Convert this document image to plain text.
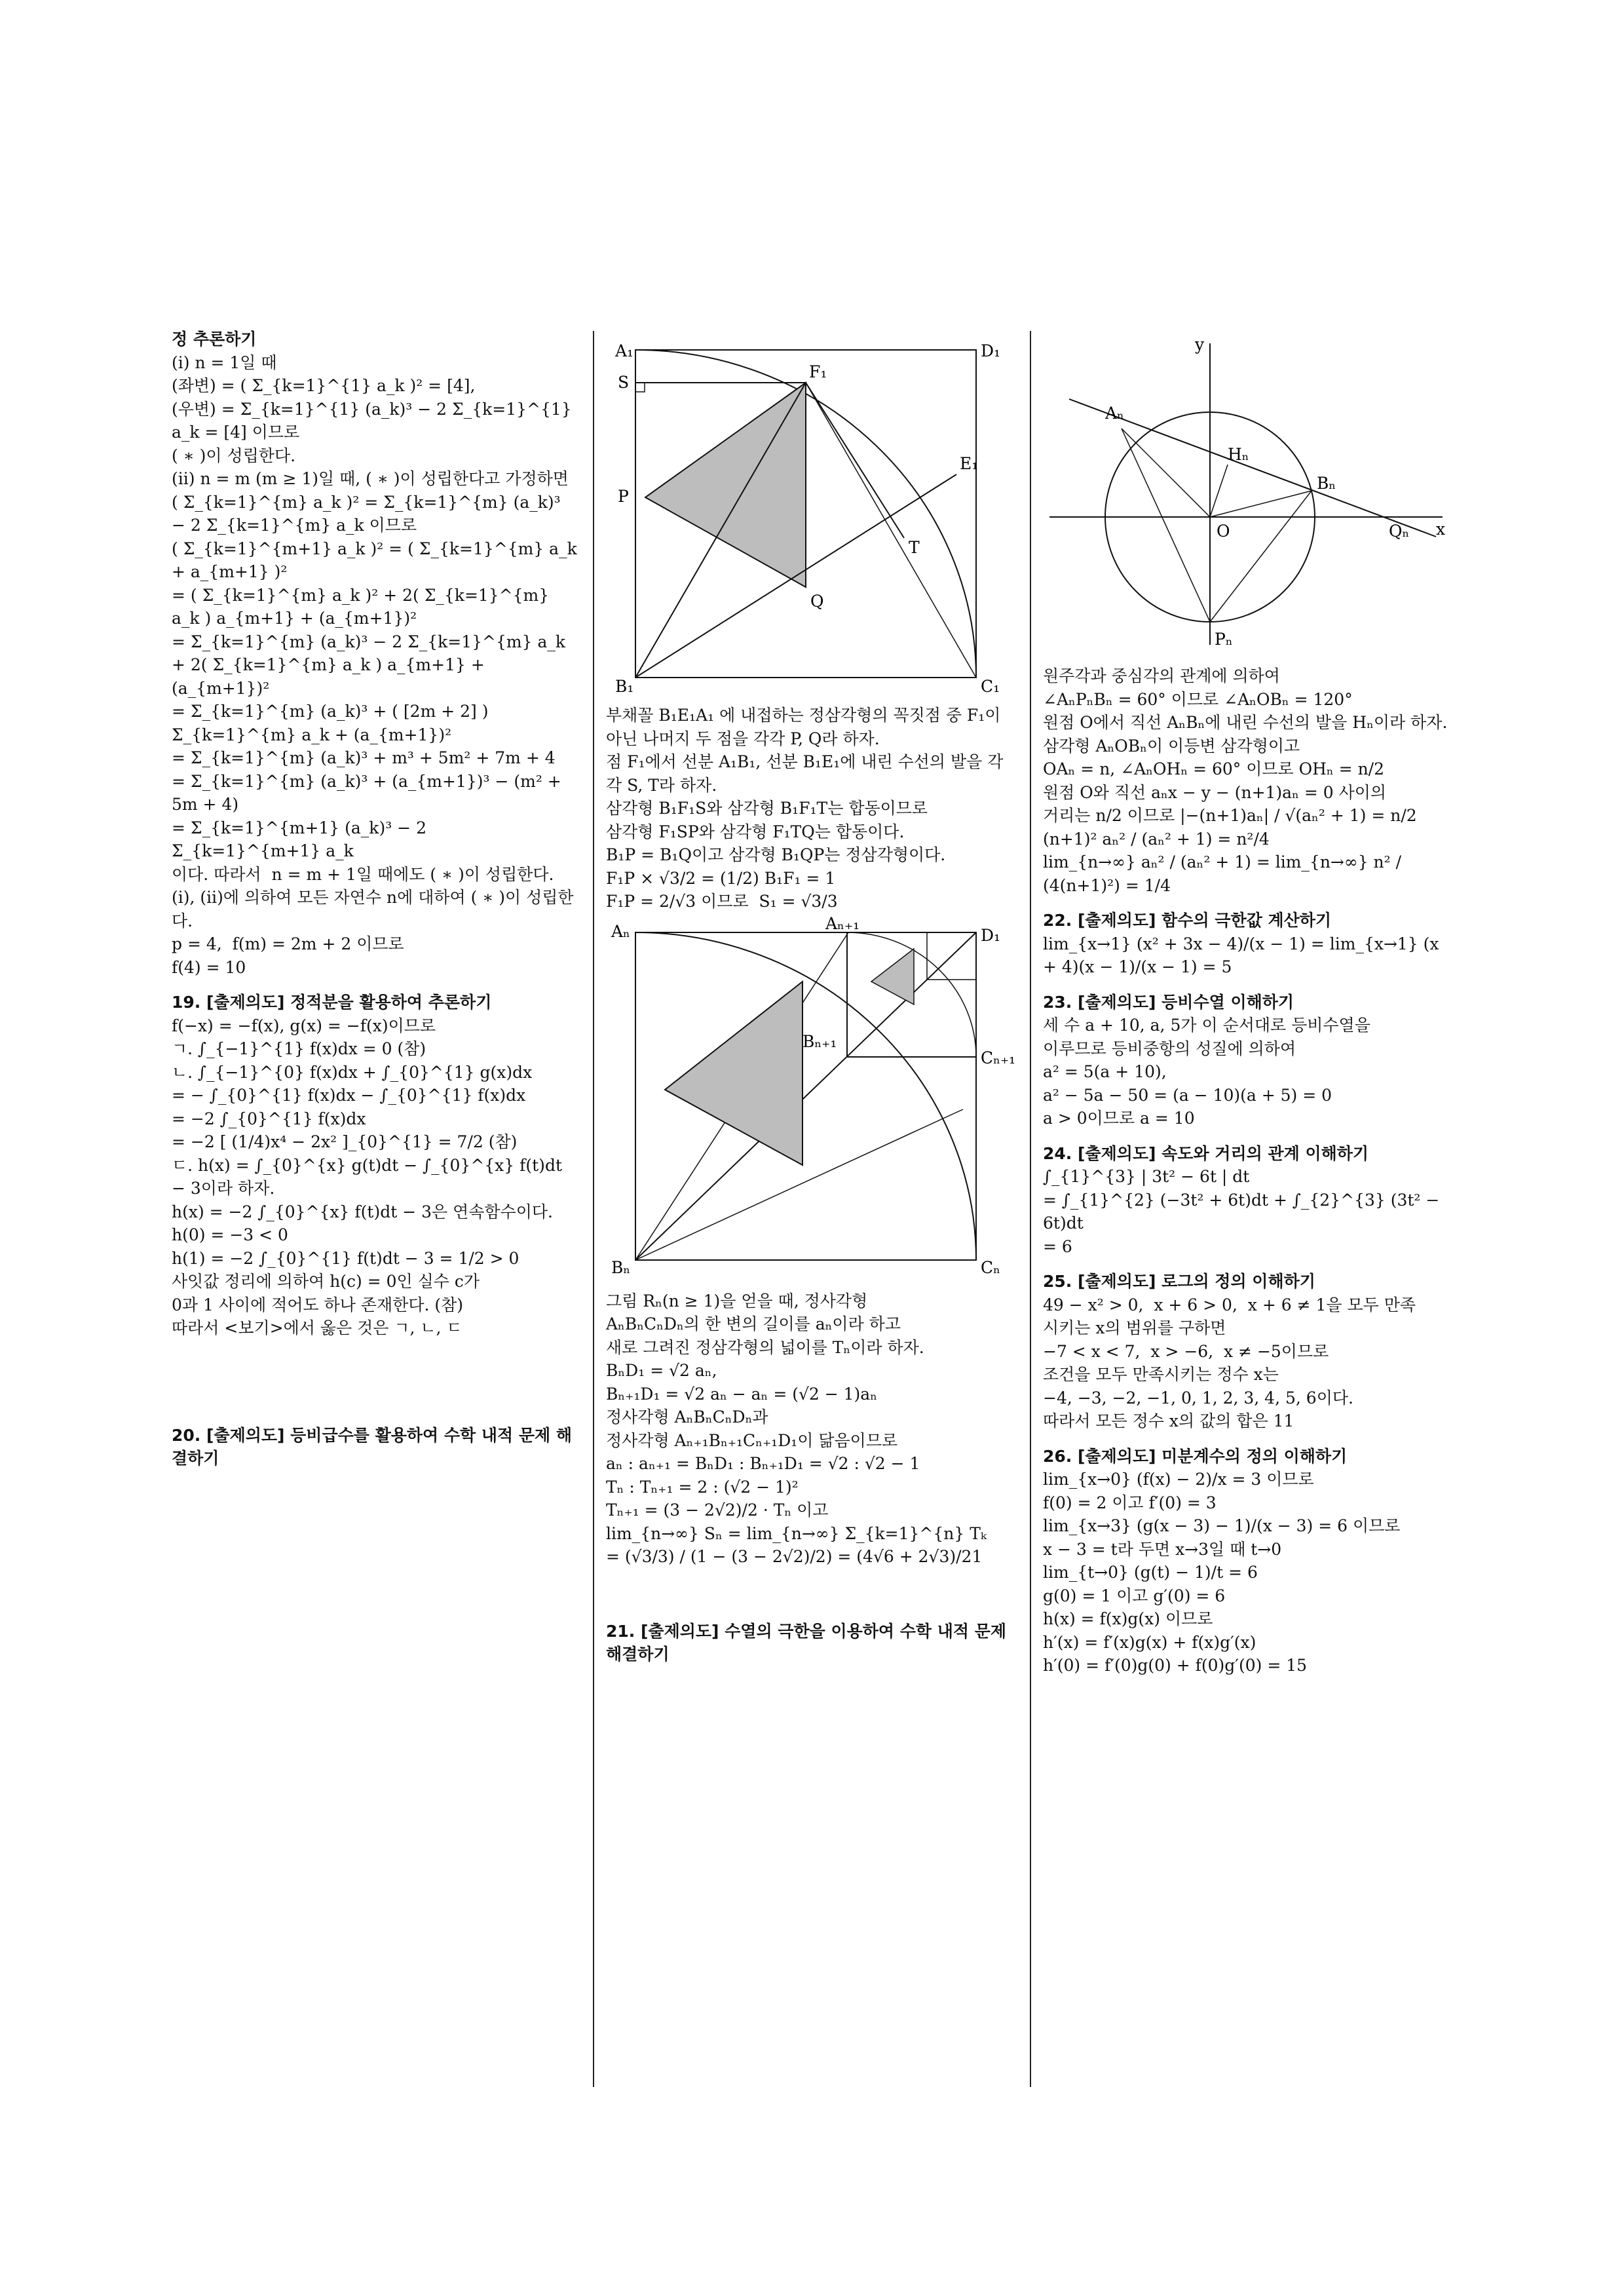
정 추론하기
(i) n = 1일 때
(좌변) = ( Σ_{k=1}^{1} a_k )² = [4],
(우변) = Σ_{k=1}^{1} (a_k)³ − 2 Σ_{k=1}^{1} a_k = [4] 이므로
( ∗ )이 성립한다.
(ii) n = m (m ≥ 1)일 때, ( ∗ )이 성립한다고 가정하면
( Σ_{k=1}^{m} a_k )² = Σ_{k=1}^{m} (a_k)³ − 2 Σ_{k=1}^{m} a_k 이므로
( Σ_{k=1}^{m+1} a_k )² = ( Σ_{k=1}^{m} a_k + a_{m+1} )²
= ( Σ_{k=1}^{m} a_k )² + 2( Σ_{k=1}^{m} a_k ) a_{m+1} + (a_{m+1})²
= Σ_{k=1}^{m} (a_k)³ − 2 Σ_{k=1}^{m} a_k + 2( Σ_{k=1}^{m} a_k ) a_{m+1} + (a_{m+1})²
= Σ_{k=1}^{m} (a_k)³ + ( [2m + 2] ) Σ_{k=1}^{m} a_k + (a_{m+1})²
= Σ_{k=1}^{m} (a_k)³ + m³ + 5m² + 7m + 4
= Σ_{k=1}^{m} (a_k)³ + (a_{m+1})³ − (m² + 5m + 4)
= Σ_{k=1}^{m+1} (a_k)³ − 2 Σ_{k=1}^{m+1} a_k
이다. 따라서  n = m + 1일 때에도 ( ∗ )이 성립한다.
(i), (ii)에 의하여 모든 자연수 n에 대하여 ( ∗ )이 성립한다.
p = 4,  f(m) = 2m + 2 이므로
f(4) = 10
19. [출제의도] 정적분을 활용하여 추론하기
f(−x) = −f(x), g(x) = −f(x)이므로
ㄱ. ∫_{−1}^{1} f(x)dx = 0 (참)
ㄴ. ∫_{−1}^{0} f(x)dx + ∫_{0}^{1} g(x)dx
= − ∫_{0}^{1} f(x)dx − ∫_{0}^{1} f(x)dx
= −2 ∫_{0}^{1} f(x)dx
= −2 [ (1/4)x⁴ − 2x² ]_{0}^{1} = 7/2 (참)
ㄷ. h(x) = ∫_{0}^{x} g(t)dt − ∫_{0}^{x} f(t)dt − 3이라 하자.
h(x) = −2 ∫_{0}^{x} f(t)dt − 3은 연속함수이다.
h(0) = −3 < 0
h(1) = −2 ∫_{0}^{1} f(t)dt − 3 = 1/2 > 0
사잇값 정리에 의하여 h(c) = 0인 실수 c가
0과 1 사이에 적어도 하나 존재한다. (참)
따라서 <보기>에서 옳은 것은 ㄱ, ㄴ, ㄷ
20. [출제의도] 등비급수를 활용하여 수학 내적 문제 해결하기
A₁	D₁
B₁	C₁
S
F₁
P
E₁
T
Q
부채꼴 B₁E₁A₁ 에 내접하는 정삼각형의 꼭짓점 중 F₁이 아닌 나머지 두 점을 각각 P, Q라 하자.
점 F₁에서 선분 A₁B₁, 선분 B₁E₁에 내린 수선의 발을 각각 S, T라 하자.
삼각형 B₁F₁S와 삼각형 B₁F₁T는 합동이므로
삼각형 F₁SP와 삼각형 F₁TQ는 합동이다.
B₁P = B₁Q이고 삼각형 B₁QP는 정삼각형이다.
F₁P × √3/2 = (1/2) B₁F₁ = 1
F₁P = 2/√3 이므로  S₁ = √3/3
Aₙ	Aₙ₊₁
D₁
Bₙ₊₁
Cₙ₊₁
Bₙ	Cₙ
그림 Rₙ(n ≥ 1)을 얻을 때, 정사각형
AₙBₙCₙDₙ의 한 변의 길이를 aₙ이라 하고
새로 그려진 정삼각형의 넓이를 Tₙ이라 하자.
BₙD₁ = √2 aₙ,
Bₙ₊₁D₁ = √2 aₙ − aₙ = (√2 − 1)aₙ
정사각형 AₙBₙCₙDₙ과
정사각형 Aₙ₊₁Bₙ₊₁Cₙ₊₁D₁이 닮음이므로
aₙ : aₙ₊₁ = BₙD₁ : Bₙ₊₁D₁ = √2 : √2 − 1
Tₙ : Tₙ₊₁ = 2 : (√2 − 1)²
Tₙ₊₁ = (3 − 2√2)/2 · Tₙ 이고
lim_{n→∞} Sₙ = lim_{n→∞} Σ_{k=1}^{n} Tₖ
= (√3/3) / (1 − (3 − 2√2)/2) = (4√6 + 2√3)/21
21. [출제의도] 수열의 극한을 이용하여 수학 내적 문제 해결하기
y
x
Aₙ
Hₙ
Bₙ
O	Qₙ
Pₙ
원주각과 중심각의 관계에 의하여
∠AₙPₙBₙ = 60° 이므로 ∠AₙOBₙ = 120°
원점 O에서 직선 AₙBₙ에 내린 수선의 발을 Hₙ이라 하자.
삼각형 AₙOBₙ이 이등변 삼각형이고
OAₙ = n, ∠AₙOHₙ = 60° 이므로 OHₙ = n/2
원점 O와 직선 aₙx − y − (n+1)aₙ = 0 사이의
거리는 n/2 이므로 |−(n+1)aₙ| / √(aₙ² + 1) = n/2
(n+1)² aₙ² / (aₙ² + 1) = n²/4
lim_{n→∞} aₙ² / (aₙ² + 1) = lim_{n→∞} n² / (4(n+1)²) = 1/4
22. [출제의도] 함수의 극한값 계산하기
lim_{x→1} (x² + 3x − 4)/(x − 1) = lim_{x→1} (x + 4)(x − 1)/(x − 1) = 5
23. [출제의도] 등비수열 이해하기
세 수 a + 10, a, 5가 이 순서대로 등비수열을
이루므로 등비중항의 성질에 의하여
a² = 5(a + 10),
a² − 5a − 50 = (a − 10)(a + 5) = 0
a > 0이므로 a = 10
24. [출제의도] 속도와 거리의 관계 이해하기
∫_{1}^{3} | 3t² − 6t | dt
= ∫_{1}^{2} (−3t² + 6t)dt + ∫_{2}^{3} (3t² − 6t)dt
= 6
25. [출제의도] 로그의 정의 이해하기
49 − x² > 0,  x + 6 > 0,  x + 6 ≠ 1을 모두 만족
시키는 x의 범위를 구하면
−7 < x < 7,  x > −6,  x ≠ −5이므로
조건을 모두 만족시키는 정수 x는
−4, −3, −2, −1, 0, 1, 2, 3, 4, 5, 6이다.
따라서 모든 정수 x의 값의 합은 11
26. [출제의도] 미분계수의 정의 이해하기
lim_{x→0} (f(x) − 2)/x = 3 이므로
f(0) = 2 이고 f′(0) = 3
lim_{x→3} (g(x − 3) − 1)/(x − 3) = 6 이므로
x − 3 = t라 두면 x→3일 때 t→0
lim_{t→0} (g(t) − 1)/t = 6
g(0) = 1 이고 g′(0) = 6
h(x) = f(x)g(x) 이므로
h′(x) = f′(x)g(x) + f(x)g′(x)
h′(0) = f′(0)g(0) + f(0)g′(0) = 15
